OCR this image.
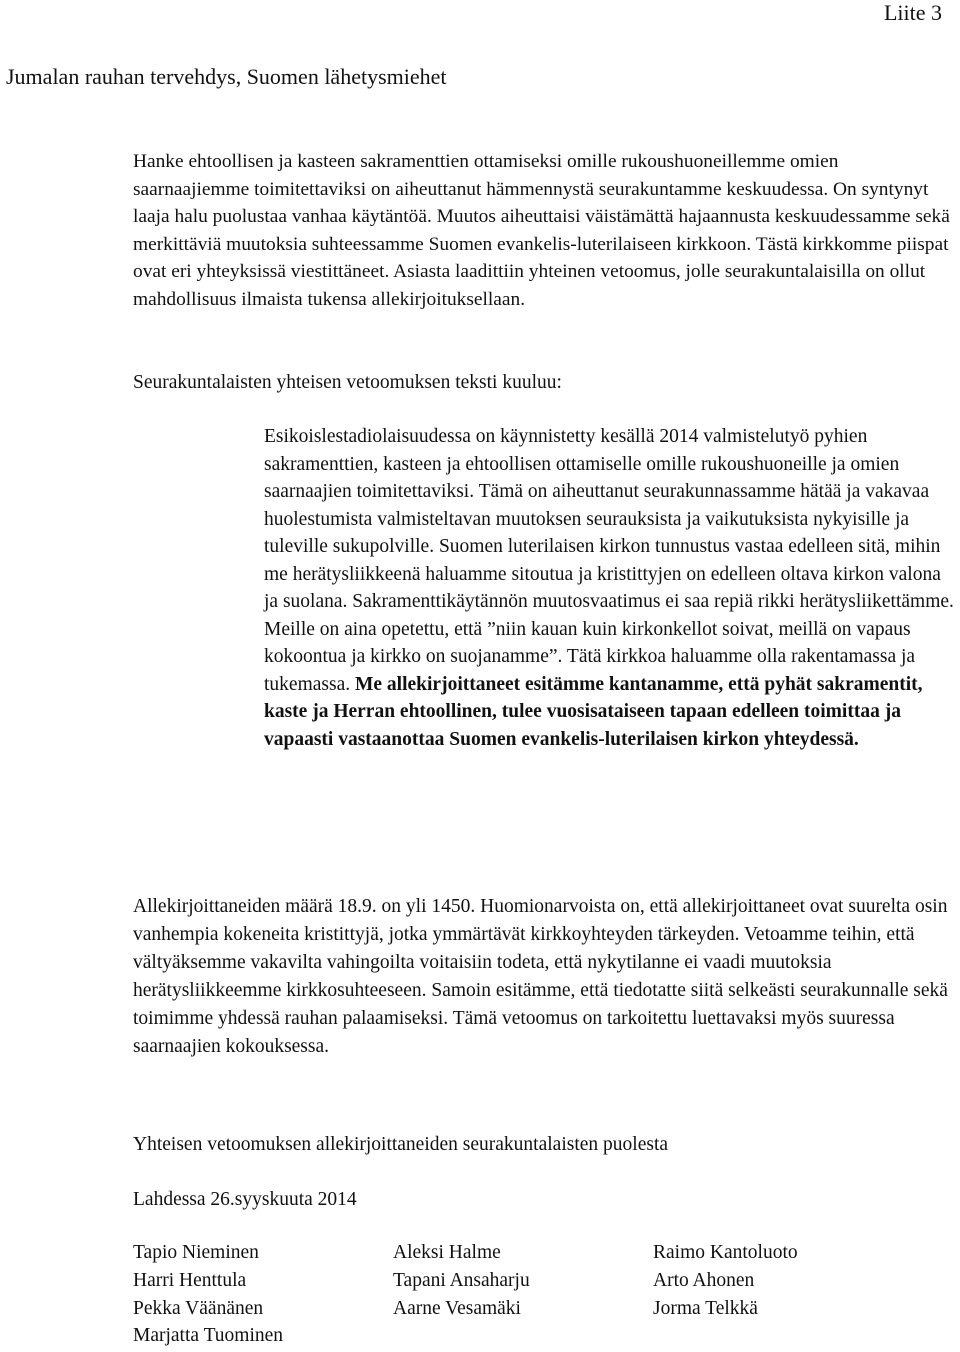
Liite 3
Jumalan rauhan tervehdys, Suomen lähetysmiehet

Hanke ehtoollisen ja kasteen sakramenttien ottamiseksi omille rukoushuoneillemme omien saarnaajiemme toimitettaviksi on aiheuttanut hämmennystä seurakuntamme keskuudessa. On syntynyt laaja halu puolustaa vanhaa käytäntöä. Muutos aiheuttaisi väistämättä hajaannusta keskuudessamme sekä merkittäviä muutoksia suhteessamme Suomen evankelis-luterilaiseen kirkkoon. Tästä kirkkomme piispat ovat eri yhteyksissä viestittäneet. Asiasta laadittiin yhteinen vetoomus, jolle seurakuntalaisilla on ollut mahdollisuus ilmaista tukensa allekirjoituksellaan.

Seurakuntalaisten yhteisen vetoomuksen teksti kuuluu:

Esikoislestadiolaisuudessa on käynnistetty kesällä 2014 valmistelutyö pyhien sakramenttien, kasteen ja ehtoollisen ottamiselle omille rukoushuoneille ja omien saarnaajien toimitettaviksi. Tämä on aiheuttanut seurakunnassamme hätää ja vakavaa huolestumista valmisteltavan muutoksen seurauksista ja vaikutuksista nykyisille ja tuleville sukupolville. Suomen luterilaisen kirkon tunnustus vastaa edelleen sitä, mihin me herätysliikkeenä haluamme sitoutua ja kristittyjen on edelleen oltava kirkon valona ja suolana. Sakramenttikäytännön muutosvaatimus ei saa repiä rikki herätysliikettämme. Meille on aina opetettu, että ”niin kauan kuin kirkonkellot soivat, meillä on vapaus kokoontua ja kirkko on suojanamme”. Tätä kirkkoa haluamme olla rakentamassa ja tukemassa. Me allekirjoittaneet esitämme kantanamme, että pyhät sakramentit, kaste ja Herran ehtoollinen, tulee vuosisataiseen tapaan edelleen toimittaa ja vapaasti vastaanottaa Suomen evankelis-luterilaisen kirkon yhteydessä.

Allekirjoittaneiden määrä 18.9. on yli 1450. Huomionarvoista on, että allekirjoittaneet ovat suurelta osin vanhempia kokeneita kristittyjä, jotka ymmärtävät kirkkoyhteyden tärkeyden. Vetoamme teihin, että vältyäksemme vakavilta vahingoilta voitaisiin todeta, että nykytilanne ei vaadi muutoksia herätysliikkeemme kirkkosuhteeseen. Samoin esitämme, että tiedotatte siitä selkeästi seurakunnalle sekä toimimme yhdessä rauhan palaamiseksi. Tämä vetoomus on tarkoitettu luettavaksi myös suuressa saarnaajien kokouksessa.

Yhteisen vetoomuksen allekirjoittaneiden seurakuntalaisten puolesta

Lahdessa 26.syyskuuta 2014

Tapio Nieminen
Harri Henttula
Pekka Väänänen
Marjatta Tuominen
Aleksi Halme
Tapani Ansaharju
Aarne Vesamäki
Raimo Kantoluoto
Arto Ahonen
Jorma Telkkä
